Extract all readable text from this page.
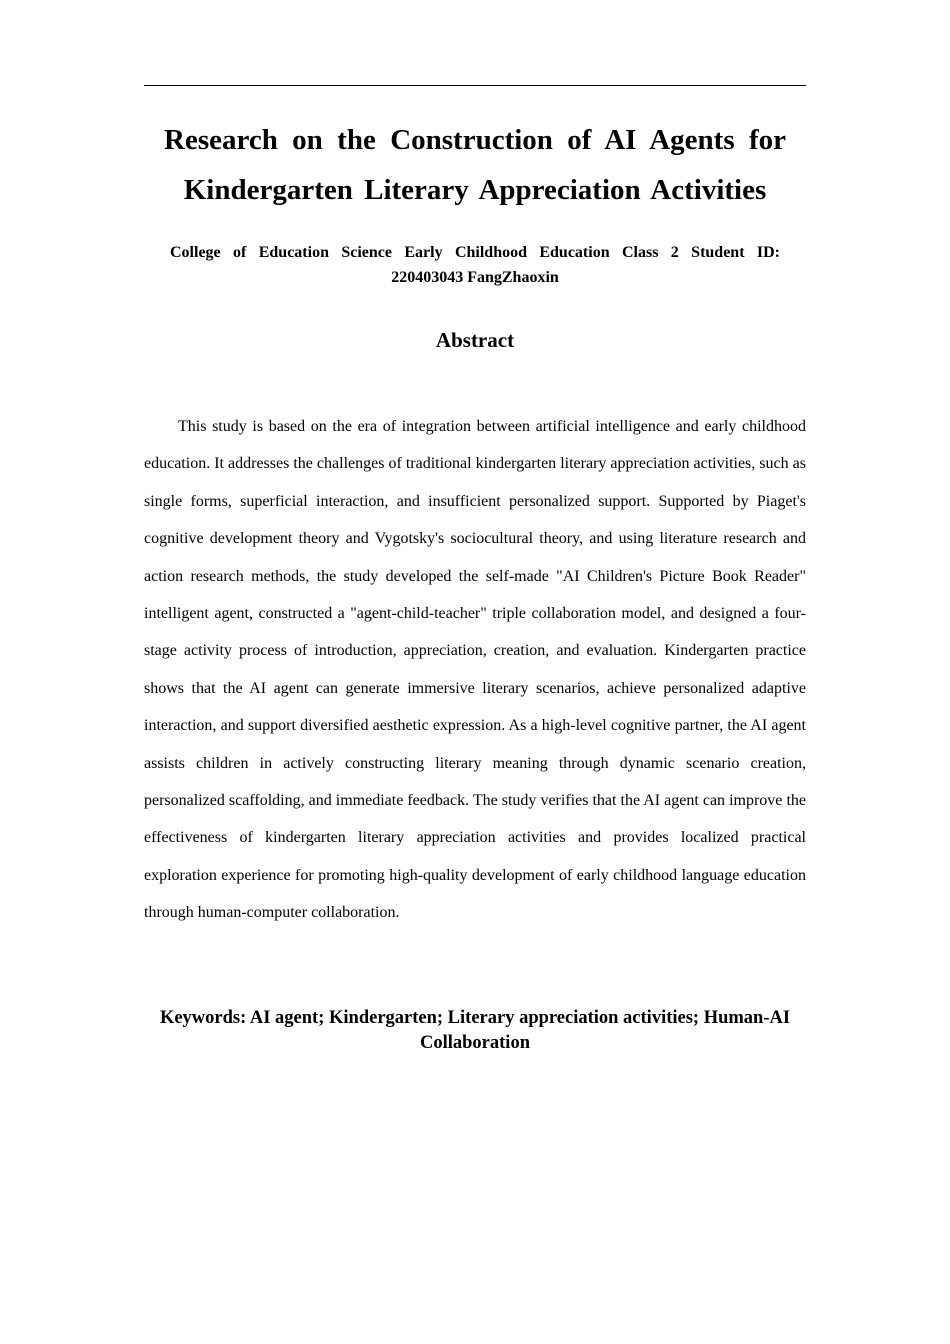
Research on the Construction of AI Agents for
Kindergarten Literary Appreciation Activities
College of Education Science Early Childhood Education Class 2 Student ID:
220403043 FangZhaoxin
Abstract

This study is based on the era of integration between artificial intelligence and early childhood education. It addresses the challenges of traditional kindergarten literary appreciation activities, such as single forms, superficial interaction, and insufficient personalized support. Supported by Piaget's cognitive development theory and Vygotsky's sociocultural theory, and using literature research and action research methods, the study developed the self-made "AI Children's Picture Book Reader" intelligent agent, constructed a "agent-child-teacher" triple collaboration model, and designed a four-stage activity process of introduction, appreciation, creation, and evaluation. Kindergarten practice shows that the AI agent can generate immersive literary scenarios, achieve personalized adaptive interaction, and support diversified aesthetic expression. As a high-level cognitive partner, the AI agent assists children in actively constructing literary meaning through dynamic scenario creation, personalized scaffolding, and immediate feedback. The study verifies that the AI agent can improve the effectiveness of kindergarten literary appreciation activities and provides localized practical exploration experience for promoting high-quality development of early childhood language education through human-computer collaboration.

Keywords: AI agent; Kindergarten; Literary appreciation activities; Human-AI Collaboration
